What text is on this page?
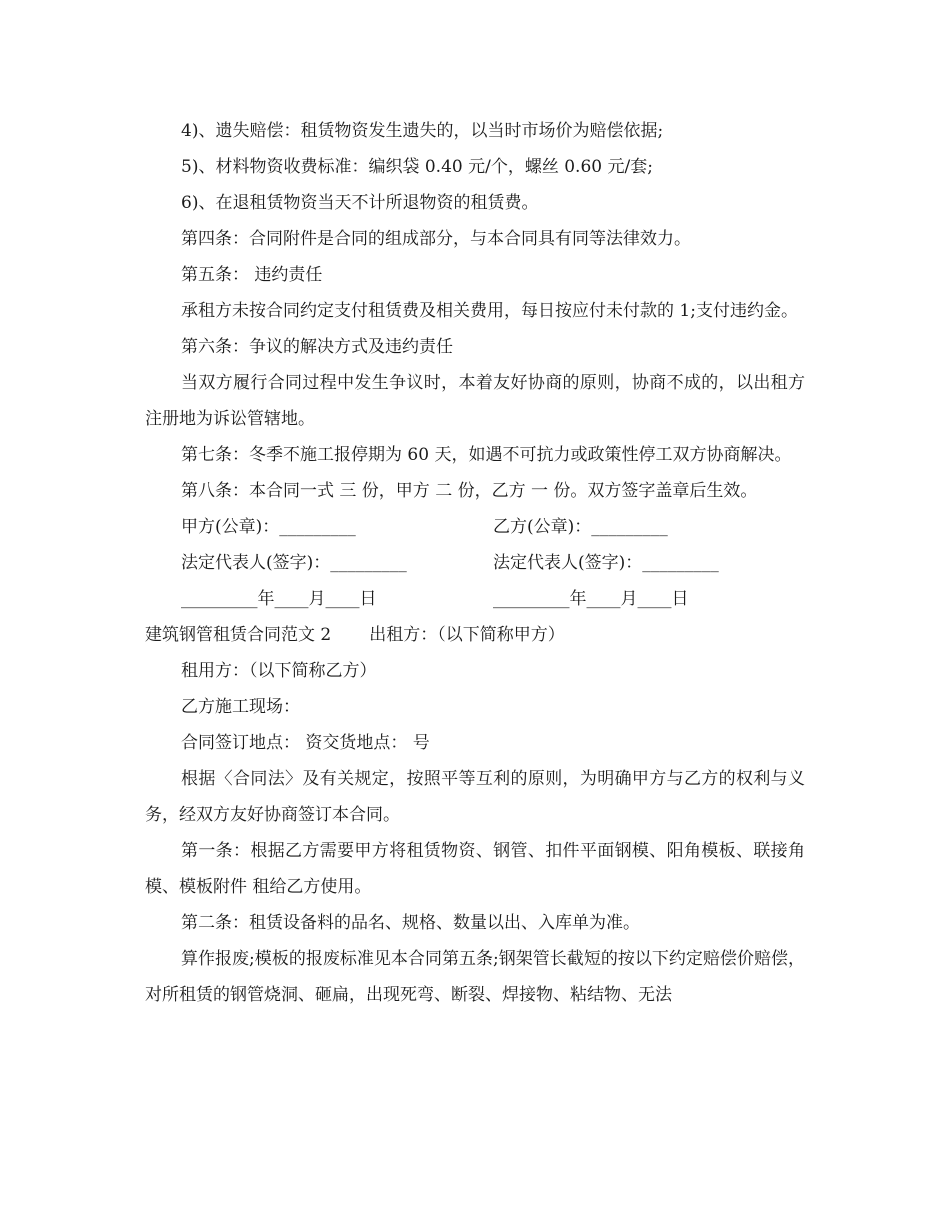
4)、遗失赔偿：租赁物资发生遗失的，以当时市场价为赔偿依据;

5)、材料物资收费标准：编织袋 0.40 元/个，螺丝 0.60 元/套;

6)、在退租赁物资当天不计所退物资的租赁费。

第四条：合同附件是合同的组成部分，与本合同具有同等法律效力。

第五条： 违约责任

承租方未按合同约定支付租赁费及相关费用，每日按应付未付款的 1;支付违约金。

第六条：争议的解决方式及违约责任

当双方履行合同过程中发生争议时，本着友好协商的原则，协商不成的，以出租方注册地为诉讼管辖地。

第七条：冬季不施工报停期为 60 天，如遇不可抗力或政策性停工双方协商解决。

第八条：本合同一式 三 份，甲方 二 份，乙方 一 份。双方签字盖章后生效。

甲方(公章)：_________	乙方(公章)：_________
法定代表人(签字)：_________	法定代表人(签字)：_________
_________年____月____日	_________年____月____日
建筑钢管租赁合同范文 2 出租方：（以下简称甲方）

租用方：（以下简称乙方）

乙方施工现场：

合同签订地点： 资交货地点： 号

根据〈合同法〉及有关规定，按照平等互利的原则，为明确甲方与乙方的权利与义务，经双方友好协商签订本合同。

第一条：根据乙方需要甲方将租赁物资、钢管、扣件平面钢模、阳角模板、联接角模、模板附件 租给乙方使用。

第二条：租赁设备料的品名、规格、数量以出、入库单为准。

算作报废;模板的报废标准见本合同第五条;钢架管长截短的按以下约定赔偿价赔偿，对所租赁的钢管烧洞、砸扁，出现死弯、断裂、焊接物、粘结物、无法
